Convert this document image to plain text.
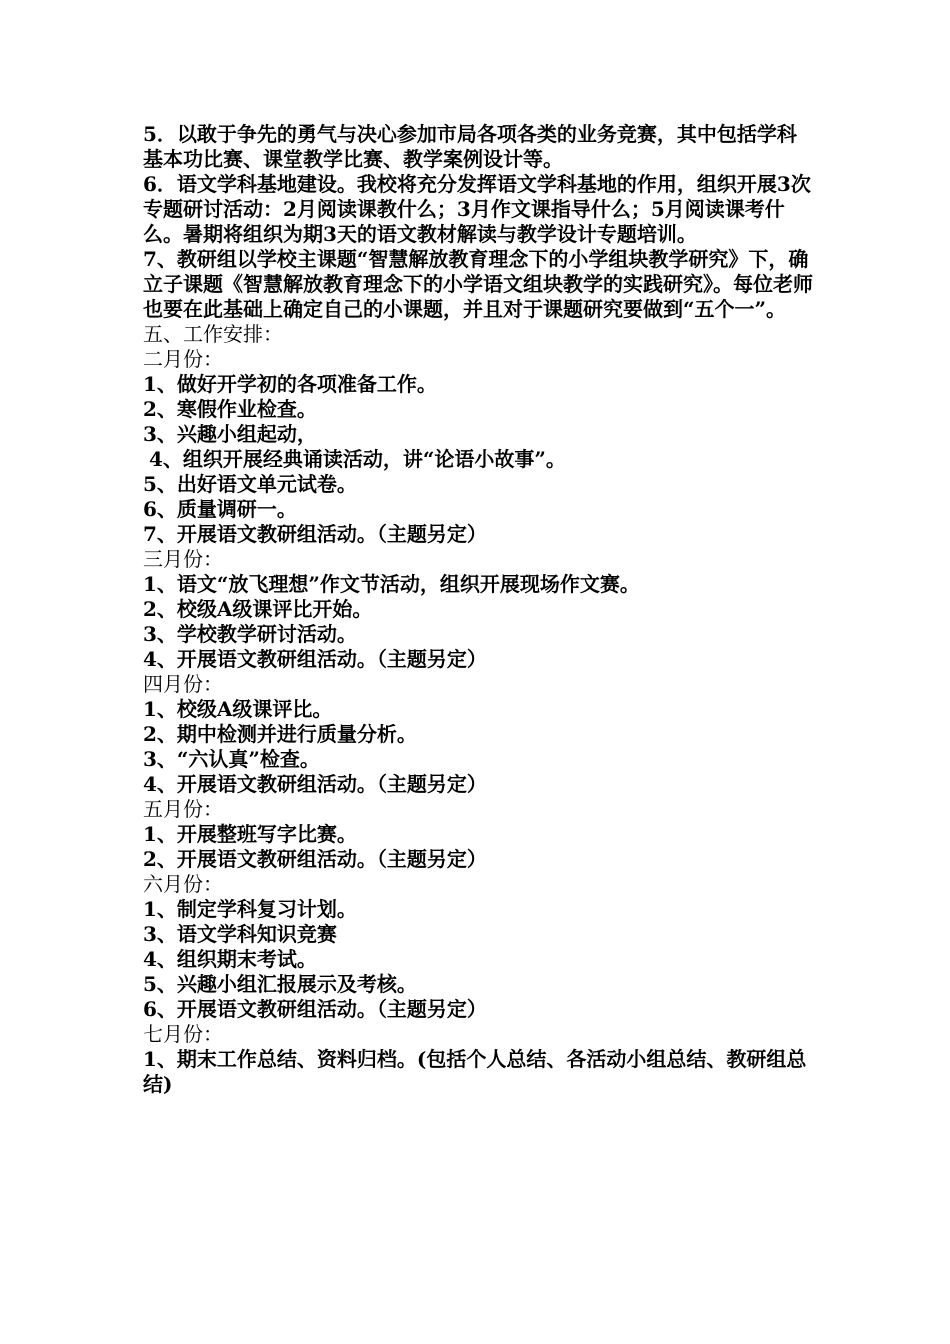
5．以敢于争先的勇气与决心参加市局各项各类的业务竞赛，其中包括学科基本功比赛、课堂教学比赛、教学案例设计等。

6．语文学科基地建设。我校将充分发挥语文学科基地的作用，组织开展3次专题研讨活动：2月阅读课教什么；3月作文课指导什么；5月阅读课考什么。暑期将组织为期3天的语文教材解读与教学设计专题培训。

7、教研组以学校主课题“智慧解放教育理念下的小学组块教学研究》下，确立子课题《智慧解放教育理念下的小学语文组块教学的实践研究》。每位老师也要在此基础上确定自己的小课题，并且对于课题研究要做到“五个一”。

五、工作安排：

二月份：

1、做好开学初的各项准备工作。

2、寒假作业检查。

3、兴趣小组起动，

4、组织开展经典诵读活动，讲“论语小故事”。

5、出好语文单元试卷。

6、质量调研一。

7、开展语文教研组活动。（主题另定）

三月份：

1、语文“放飞理想”作文节活动，组织开展现场作文赛。

2、校级A级课评比开始。

3、学校教学研讨活动。

4、开展语文教研组活动。（主题另定）

四月份：

1、校级A级课评比。

2、期中检测并进行质量分析。

3、“六认真”检查。

4、开展语文教研组活动。（主题另定）

五月份：

1、开展整班写字比赛。

2、开展语文教研组活动。（主题另定）

六月份：

1、制定学科复习计划。

3、语文学科知识竞赛

4、组织期末考试。

5、兴趣小组汇报展示及考核。

6、开展语文教研组活动。（主题另定）

七月份：

1、期末工作总结、资料归档。(包括个人总结、各活动小组总结、教研组总结)
